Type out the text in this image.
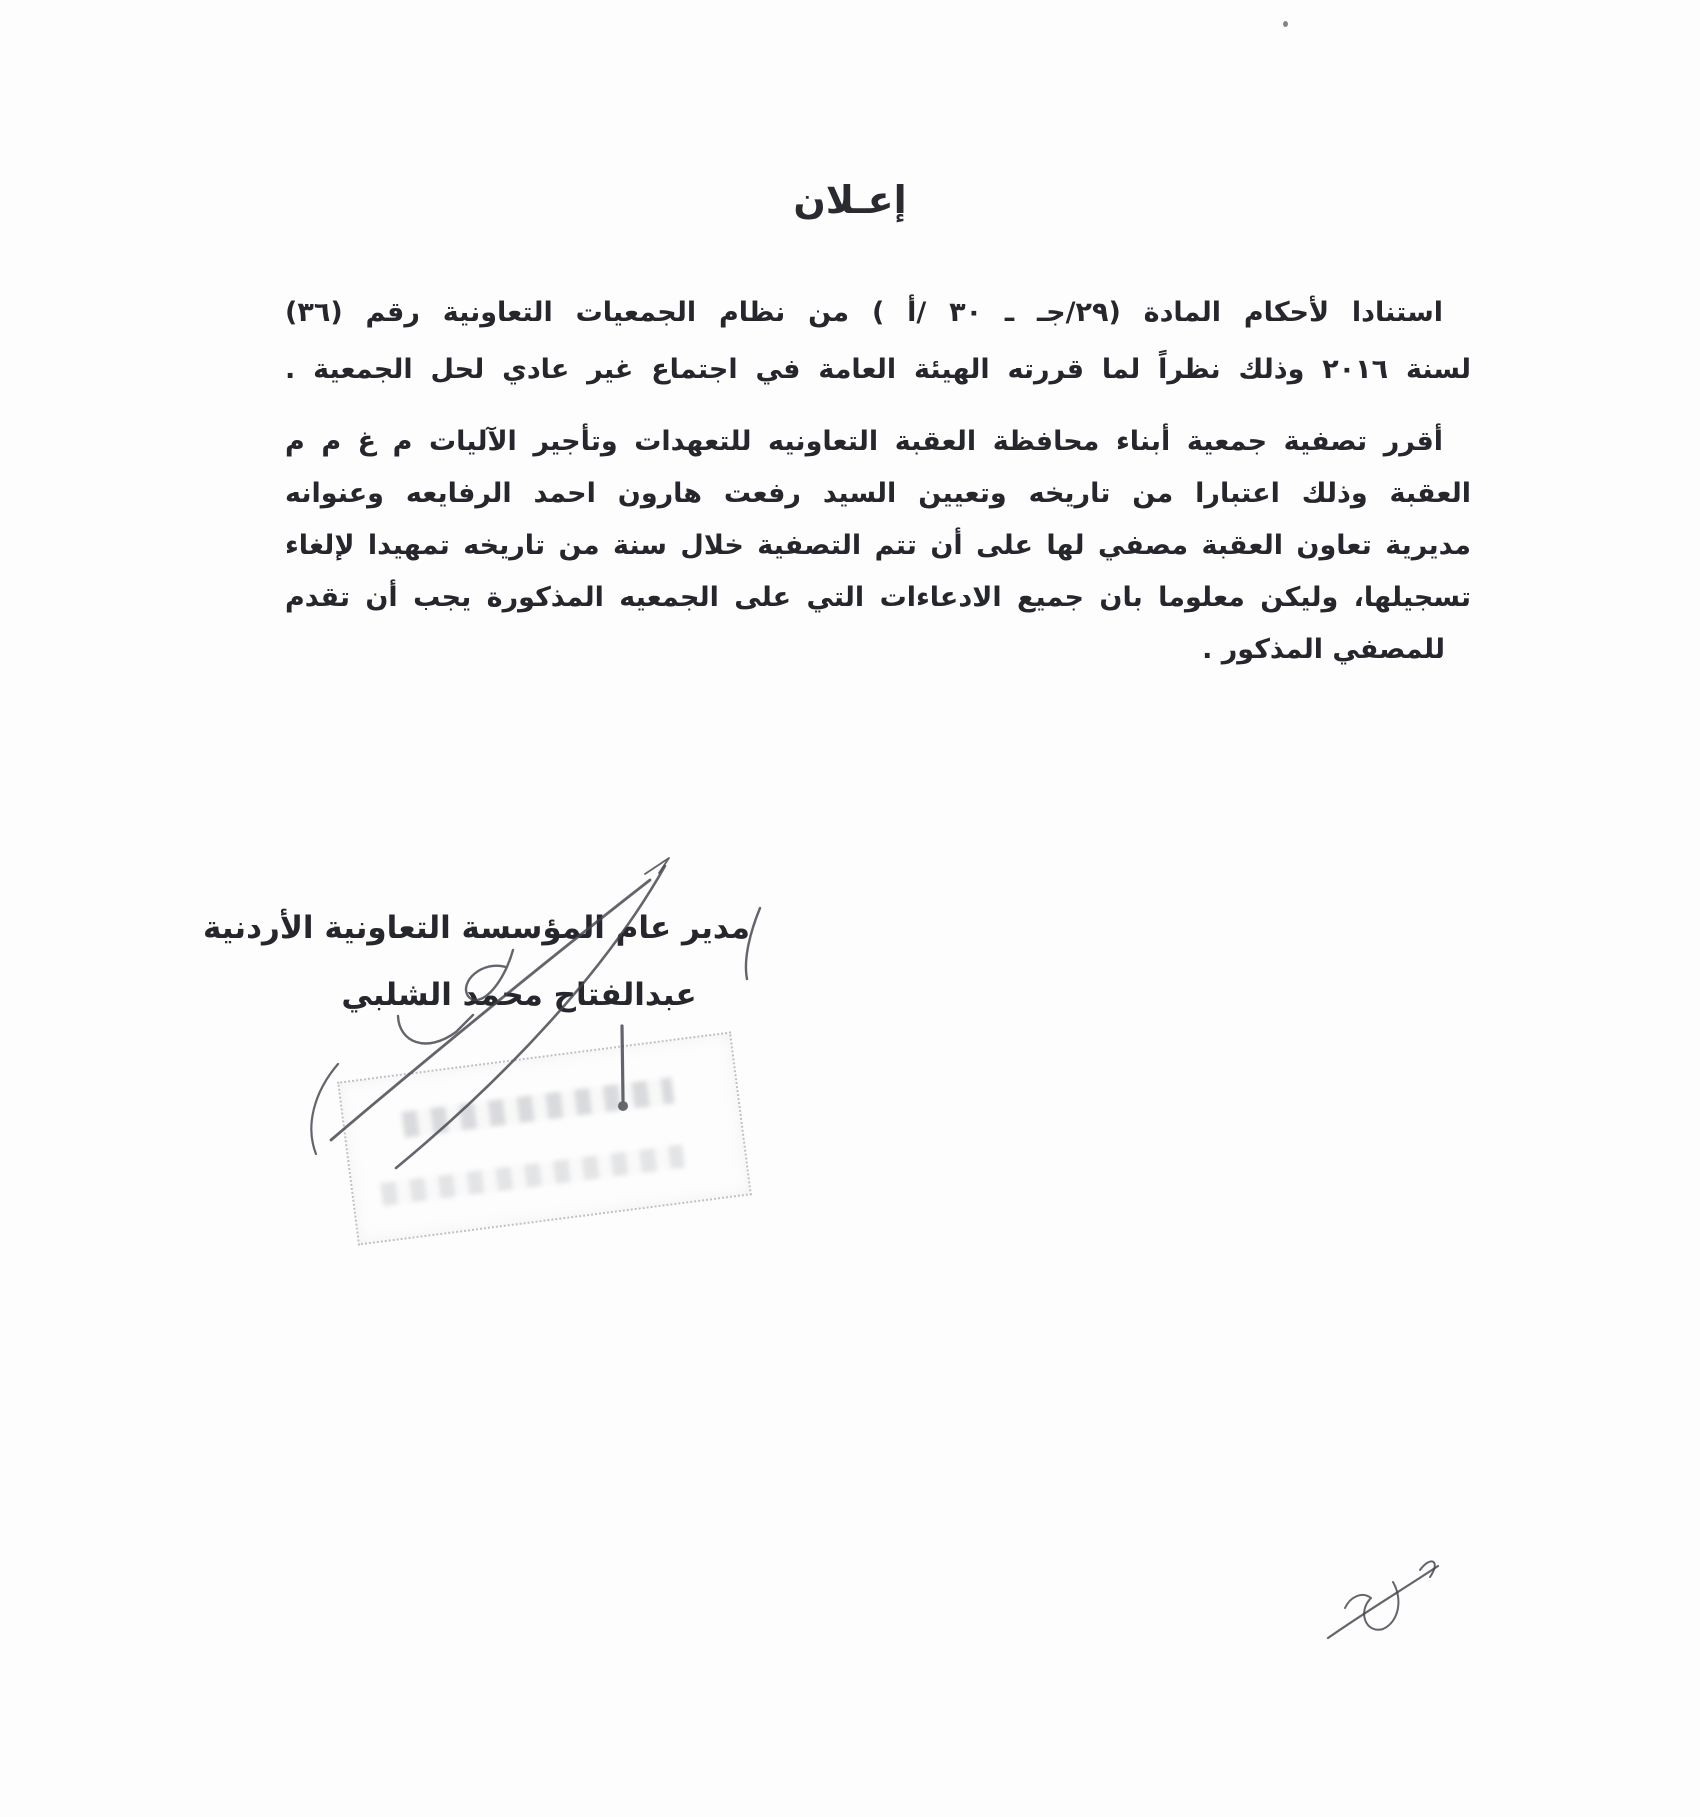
إعـلان
استنادا لأحكام المادة (٢٩/جـ ـ ٣٠ /أ ) من نظام الجمعيات التعاونية رقم (٣٦)
لسنة ٢٠١٦ وذلك نظراً لما قررته الهيئة العامة في اجتماع غير عادي لحل الجمعية .
أقرر تصفية جمعية أبناء محافظة العقبة التعاونيه للتعهدات وتأجير الآليات م غ م م
العقبة وذلك اعتبارا من تاريخه وتعيين السيد رفعت هارون احمد الرفايعه وعنوانه
مديرية تعاون العقبة مصفي لها على أن تتم التصفية خلال سنة من تاريخه تمهيدا لإلغاء
تسجيلها، وليكن معلوما بان جميع الادعاءات التي على الجمعيه المذكورة يجب أن تقدم
للمصفي المذكور .
مدير عام المؤسسة التعاونية الأردنية
عبدالفتاح محمد الشلبي
